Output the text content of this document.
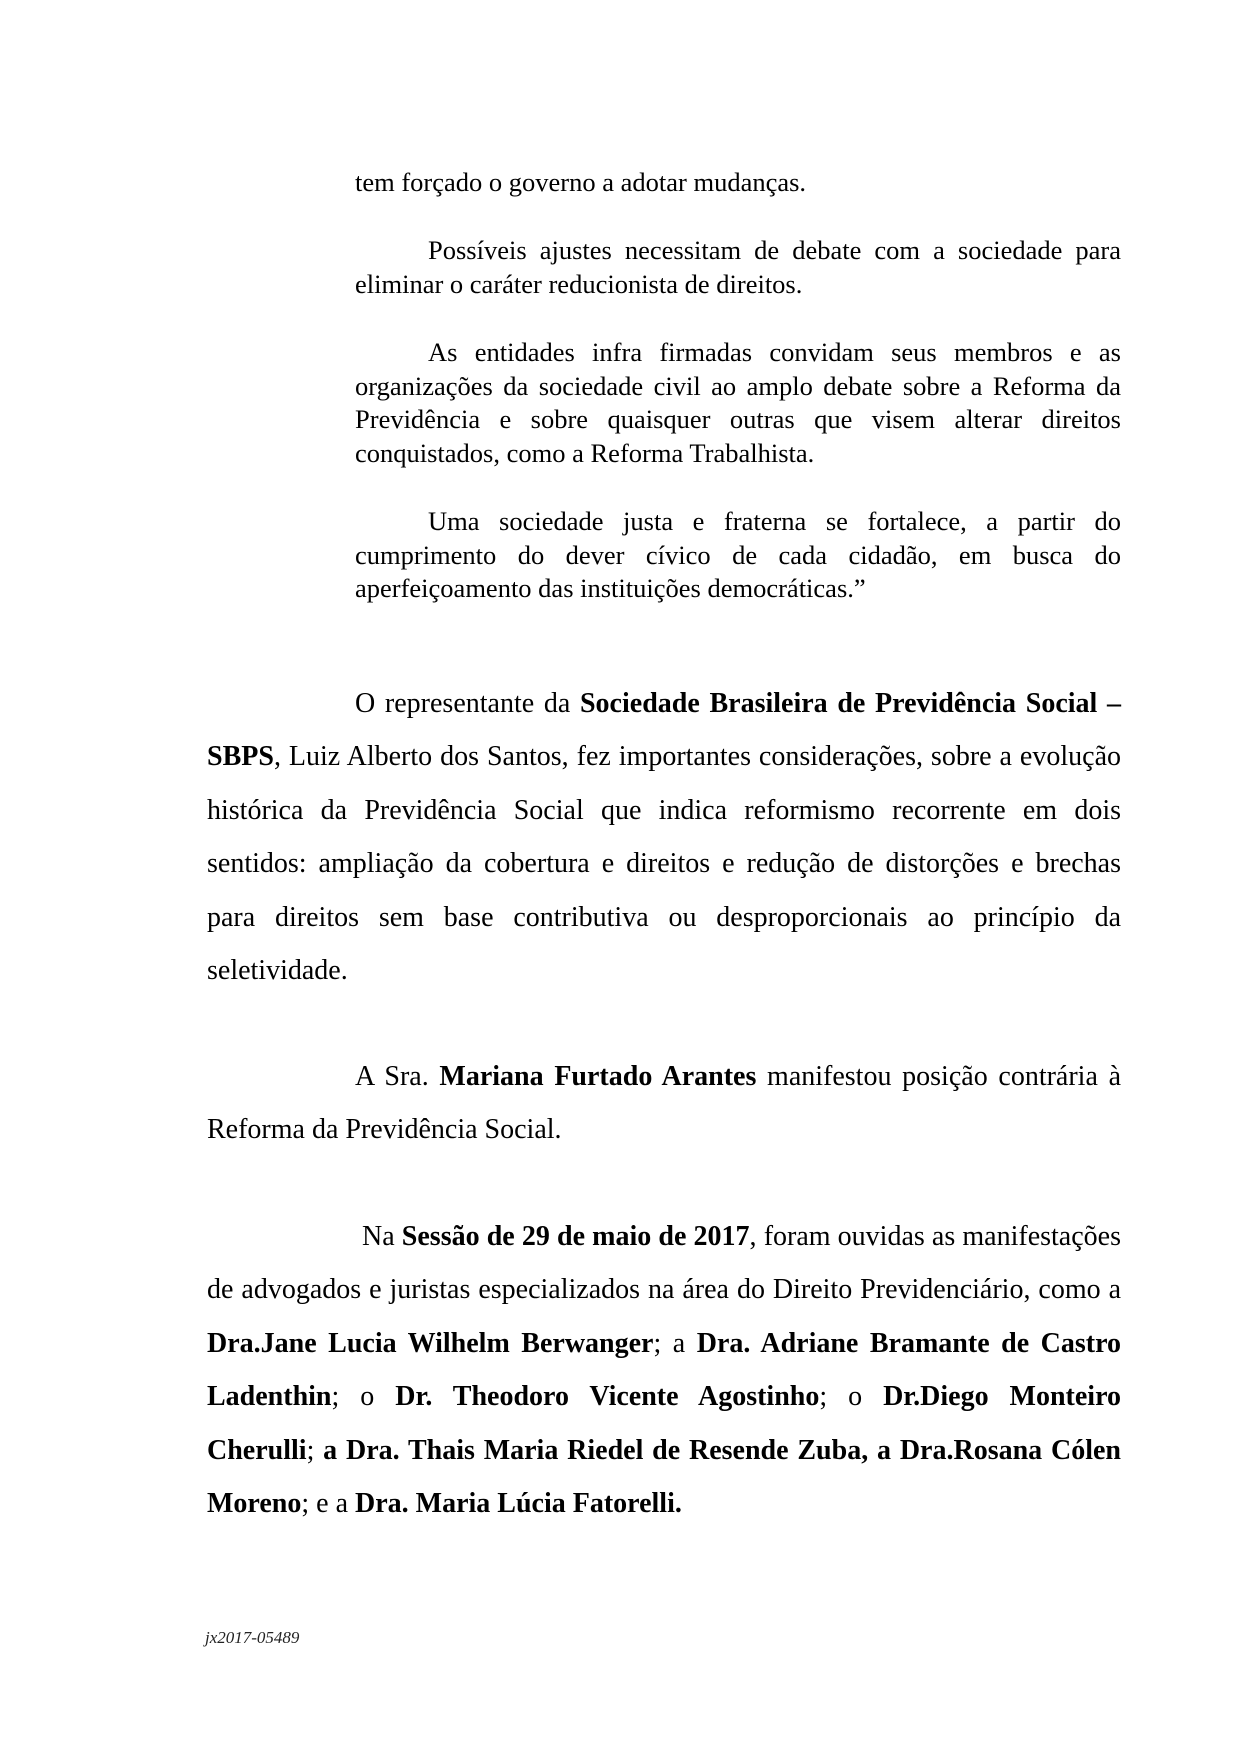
tem forçado o governo a adotar mudanças.

Possíveis ajustes necessitam de debate com a sociedade para eliminar o caráter reducionista de direitos.

As entidades infra firmadas convidam seus membros e as organizações da sociedade civil ao amplo debate sobre a Reforma da Previdência e sobre quaisquer outras que visem alterar direitos conquistados, como a Reforma Trabalhista.

Uma sociedade justa e fraterna se fortalece, a partir do cumprimento do dever cívico de cada cidadão, em busca do aperfeiçoamento das instituições democráticas.”

O representante da Sociedade Brasileira de Previdência Social – SBPS, Luiz Alberto dos Santos, fez importantes considerações, sobre a evolução histórica da Previdência Social que indica reformismo recorrente em dois sentidos: ampliação da cobertura e direitos e redução de distorções e brechas para direitos sem base contributiva ou desproporcionais ao princípio da seletividade.

A Sra. Mariana Furtado Arantes manifestou posição contrária à Reforma da Previdência Social.

Na Sessão de 29 de maio de 2017, foram ouvidas as manifestações de advogados e juristas especializados na área do Direito Previdenciário, como a Dra.Jane Lucia Wilhelm Berwanger; a Dra. Adriane Bramante de Castro Ladenthin; o Dr. Theodoro Vicente Agostinho; o Dr.Diego Monteiro Cherulli; a Dra. Thais Maria Riedel de Resende Zuba, a Dra.Rosana Cólen Moreno; e a Dra. Maria Lúcia Fatorelli.

jx2017-05489
